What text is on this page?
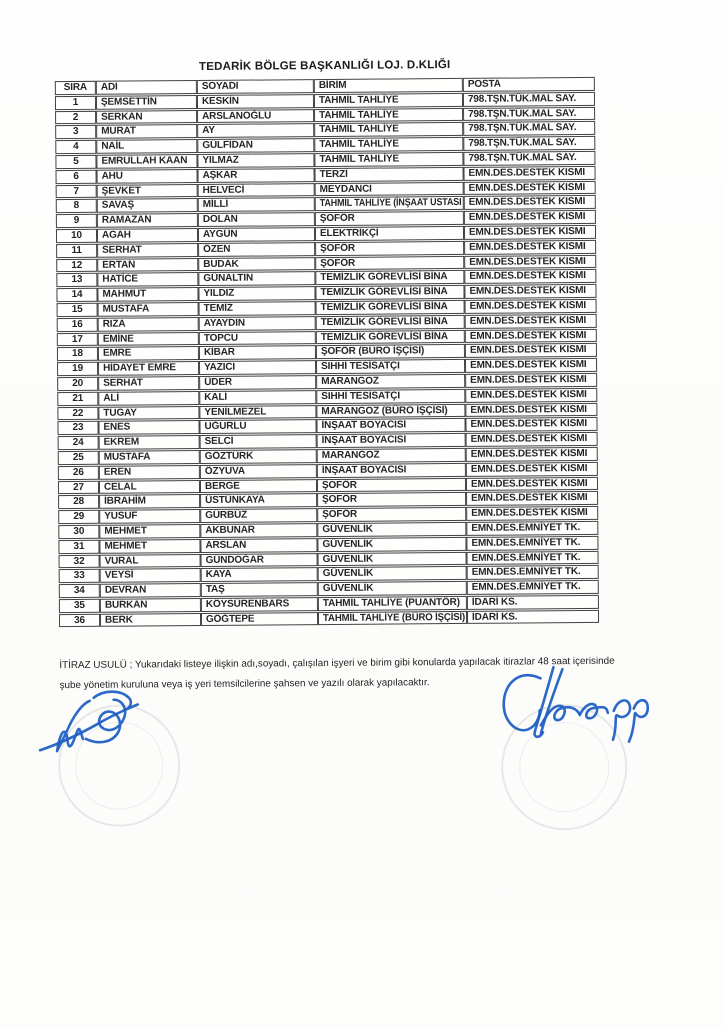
TEDARİK BÖLGE BAŞKANLIĞI LOJ. D.KLIĞI
SIRA	ADI	SOYADI	BİRİM	POSTA
1	ŞEMSETTİN	KESKİN	TAHMİL TAHLİYE	798.TŞN.TÜK.MAL SAY.
2	SERKAN	ARSLANOĞLU	TAHMİL TAHLİYE	798.TŞN.TÜK.MAL SAY.
3	MURAT	AY	TAHMİL TAHLİYE	798.TŞN.TÜK.MAL SAY.
4	NAİL	GÜLFİDAN	TAHMİL TAHLİYE	798.TŞN.TÜK.MAL SAY.
5	EMRULLAH KAAN	YILMAZ	TAHMİL TAHLİYE	798.TŞN.TÜK.MAL SAY.
6	AHU	AŞKAR	TERZİ	EMN.DES.DESTEK KISMI
7	ŞEVKET	HELVECİ	MEYDANCI	EMN.DES.DESTEK KISMI
8	SAVAŞ	MİLLİ	TAHMİL TAHLİYE (İNŞAAT USTASI	EMN.DES.DESTEK KISMI
9	RAMAZAN	DOLAN	ŞOFÖR	EMN.DES.DESTEK KISMI
10	AGAH	AYGÜN	ELEKTRİKÇİ	EMN.DES.DESTEK KISMI
11	SERHAT	ÖZEN	ŞOFÖR	EMN.DES.DESTEK KISMI
12	ERTAN	BUDAK	ŞOFÖR	EMN.DES.DESTEK KISMI
13	HATİCE	GÜNALTIN	TEMİZLİK GÖREVLİSİ BİNA	EMN.DES.DESTEK KISMI
14	MAHMUT	YILDIZ	TEMİZLİK GÖREVLİSİ BİNA	EMN.DES.DESTEK KISMI
15	MUSTAFA	TEMİZ	TEMİZLİK GÖREVLİSİ BİNA	EMN.DES.DESTEK KISMI
16	RIZA	AYAYDIN	TEMİZLİK GÖREVLİSİ BİNA	EMN.DES.DESTEK KISMI
17	EMİNE	TOPCU	TEMİZLİK GÖREVLİSİ BİNA	EMN.DES.DESTEK KISMI
18	EMRE	KİBAR	ŞOFÖR (BÜRO İŞÇİSİ)	EMN.DES.DESTEK KISMI
19	HİDAYET EMRE	YAZICI	SIHHİ TESİSATÇI	EMN.DES.DESTEK KISMI
20	SERHAT	ÜDER	MARANGOZ	EMN.DES.DESTEK KISMI
21	ALİ	KALİ	SIHHİ TESİSATÇI	EMN.DES.DESTEK KISMI
22	TUGAY	YENİLMEZEL	MARANGOZ (BÜRO İŞÇİSİ)	EMN.DES.DESTEK KISMI
23	ENES	UĞURLU	İNŞAAT BOYACISI	EMN.DES.DESTEK KISMI
24	EKREM	SELCİ	İNŞAAT BOYACISI	EMN.DES.DESTEK KISMI
25	MUSTAFA	GÖZTÜRK	MARANGOZ	EMN.DES.DESTEK KISMI
26	EREN	ÖZYUVA	İNŞAAT BOYACISI	EMN.DES.DESTEK KISMI
27	CELAL	BERGE	ŞOFÖR	EMN.DES.DESTEK KISMI
28	İBRAHİM	ÜSTÜNKAYA	ŞOFÖR	EMN.DES.DESTEK KISMI
29	YUSUF	GÜRBÜZ	ŞOFÖR	EMN.DES.DESTEK KISMI
30	MEHMET	AKBUNAR	GÜVENLİK	EMN.DES.EMNİYET TK.
31	MEHMET	ARSLAN	GÜVENLİK	EMN.DES.EMNİYET TK.
32	VURAL	GÜNDOĞAR	GÜVENLİK	EMN.DES.EMNİYET TK.
33	VEYSİ	KAYA	GÜVENLİK	EMN.DES.EMNİYET TK.
34	DEVRAN	TAŞ	GÜVENLİK	EMN.DES.EMNİYET TK.
35	BURKAN	KÖYSÜRENBARS	TAHMİL TAHLİYE (PUANTÖR)	İDARİ KS.
36	BERK	GÖĞTEPE	TAHMİL TAHLİYE (BÜRO İŞÇİSİ)	İDARİ KS.
İTİRAZ USULÜ ; Yukarıdaki listeye ilişkin adı,soyadı, çalışılan işyeri ve birim gibi konularda yapılacak itirazlar 48 saat içerisinde
şube yönetim kuruluna veya iş yeri temsilcilerine şahsen ve yazılı olarak yapılacaktır.
